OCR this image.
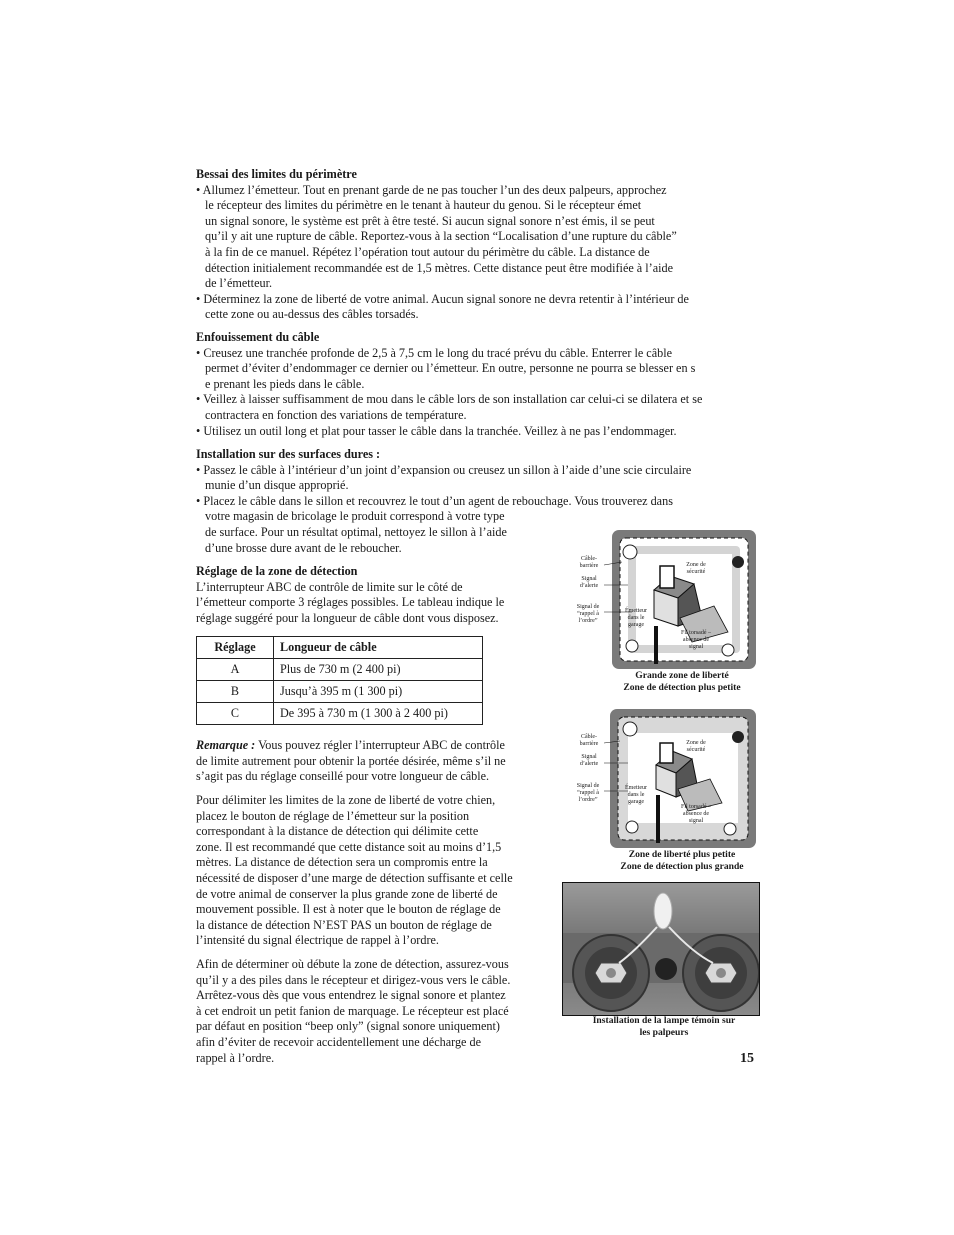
Bessai des limites du périmètre

• Allumez l’émetteur. Tout en prenant garde de ne pas toucher l’un des deux palpeurs, approchez
le récepteur des limites du périmètre en le tenant à hauteur du genou. Si le récepteur émet
un signal sonore, le système est prêt à être testé. Si aucun signal sonore n’est émis, il se peut
qu’il y ait une rupture de câble. Reportez-vous à la section “Localisation d’une rupture du câble”
à la fin de ce manuel. Répétez l’opération tout autour du périmètre du câble. La distance de
détection initialement recommandée est de 1,5 mètres. Cette distance peut être modifiée à l’aide
de l’émetteur.

• Déterminez la zone de liberté de votre animal. Aucun signal sonore ne devra retentir à l’intérieur de
cette zone ou au-dessus des câbles torsadés.

Enfouissement du câble

• Creusez une tranchée profonde de 2,5 à 7,5 cm le long du tracé prévu du câble. Enterrer le câble
permet d’éviter d’endommager ce dernier ou l’émetteur. En outre, personne ne pourra se blesser en s
e prenant les pieds dans le câble.

• Veillez à laisser suffisamment de mou dans le câble lors de son installation car celui-ci se dilatera et se
contractera en fonction des variations de température.

• Utilisez un outil long et plat pour tasser le câble dans la tranchée. Veillez à ne pas l’endommager.

Installation sur des surfaces dures :

• Passez le câble à l’intérieur d’un joint d’expansion ou creusez un sillon à l’aide d’une scie circulaire
munie d’un disque approprié.

• Placez le câble dans le sillon et recouvrez le tout d’un agent de rebouchage. Vous trouverez dans
votre magasin de bricolage le produit correspond à votre type
de surface. Pour un résultat optimal, nettoyez le sillon à l’aide
d’une brosse dure avant de le reboucher.

Réglage de la zone de détection

L’interrupteur ABC de contrôle de limite sur le côté de
l’émetteur comporte 3 réglages possibles. Le tableau indique le
réglage suggéré pour la longueur de câble dont vous disposez.

Réglage	Longueur de câble
A	Plus de 730 m (2 400 pi)
B	Jusqu’à 395 m (1 300 pi)
C	De 395 à 730 m (1 300 à 2 400 pi)

Remarque : Vous pouvez régler l’interrupteur ABC de contrôle
de limite autrement pour obtenir la portée désirée, même s’il ne
s’agit pas du réglage conseillé pour votre longueur de câble.

Pour délimiter les limites de la zone de liberté de votre chien,
placez le bouton de réglage de l’émetteur sur la position
correspondant à la distance de détection qui délimite cette
zone. Il est recommandé que cette distance soit au moins d’1,5
mètres. La distance de détection sera un compromis entre la
nécessité de disposer d’une marge de détection suffisante et celle
de votre animal de conserver la plus grande zone de liberté de
mouvement possible. Il est à noter que le bouton de réglage de
la distance de détection N’EST PAS un bouton de réglage de
l’intensité du signal électrique de rappel à l’ordre.

Afin de déterminer où débute la zone de détection, assurez-vous
qu’il y a des piles dans le récepteur et dirigez-vous vers le câble.
Arrêtez-vous dès que vous entendrez le signal sonore et plantez
à cet endroit un petit fanion de marquage. Le récepteur est placé
par défaut en position “beep only” (signal sonore uniquement)
afin d’éviter de recevoir accidentellement une décharge de
rappel à l’ordre.

Câble-
barrière
Signal
d’alerte
Signal de
“rappel à
l’ordre”
Émetteur
dans le
garage
Zone de
sécurité
Fil torsadé –
absence de
signal
Grande zone de liberté
Zone de détection plus petite
Câble-
barrière
Signal
d’alerte
Signal de
“rappel à
l’ordre”
Émetteur
dans le
garage
Zone de
sécurité
Fil torsadé –
absence de
signal
Zone de liberté plus petite
Zone de détection plus grande
Installation de la lampe témoin sur
les palpeurs
15
